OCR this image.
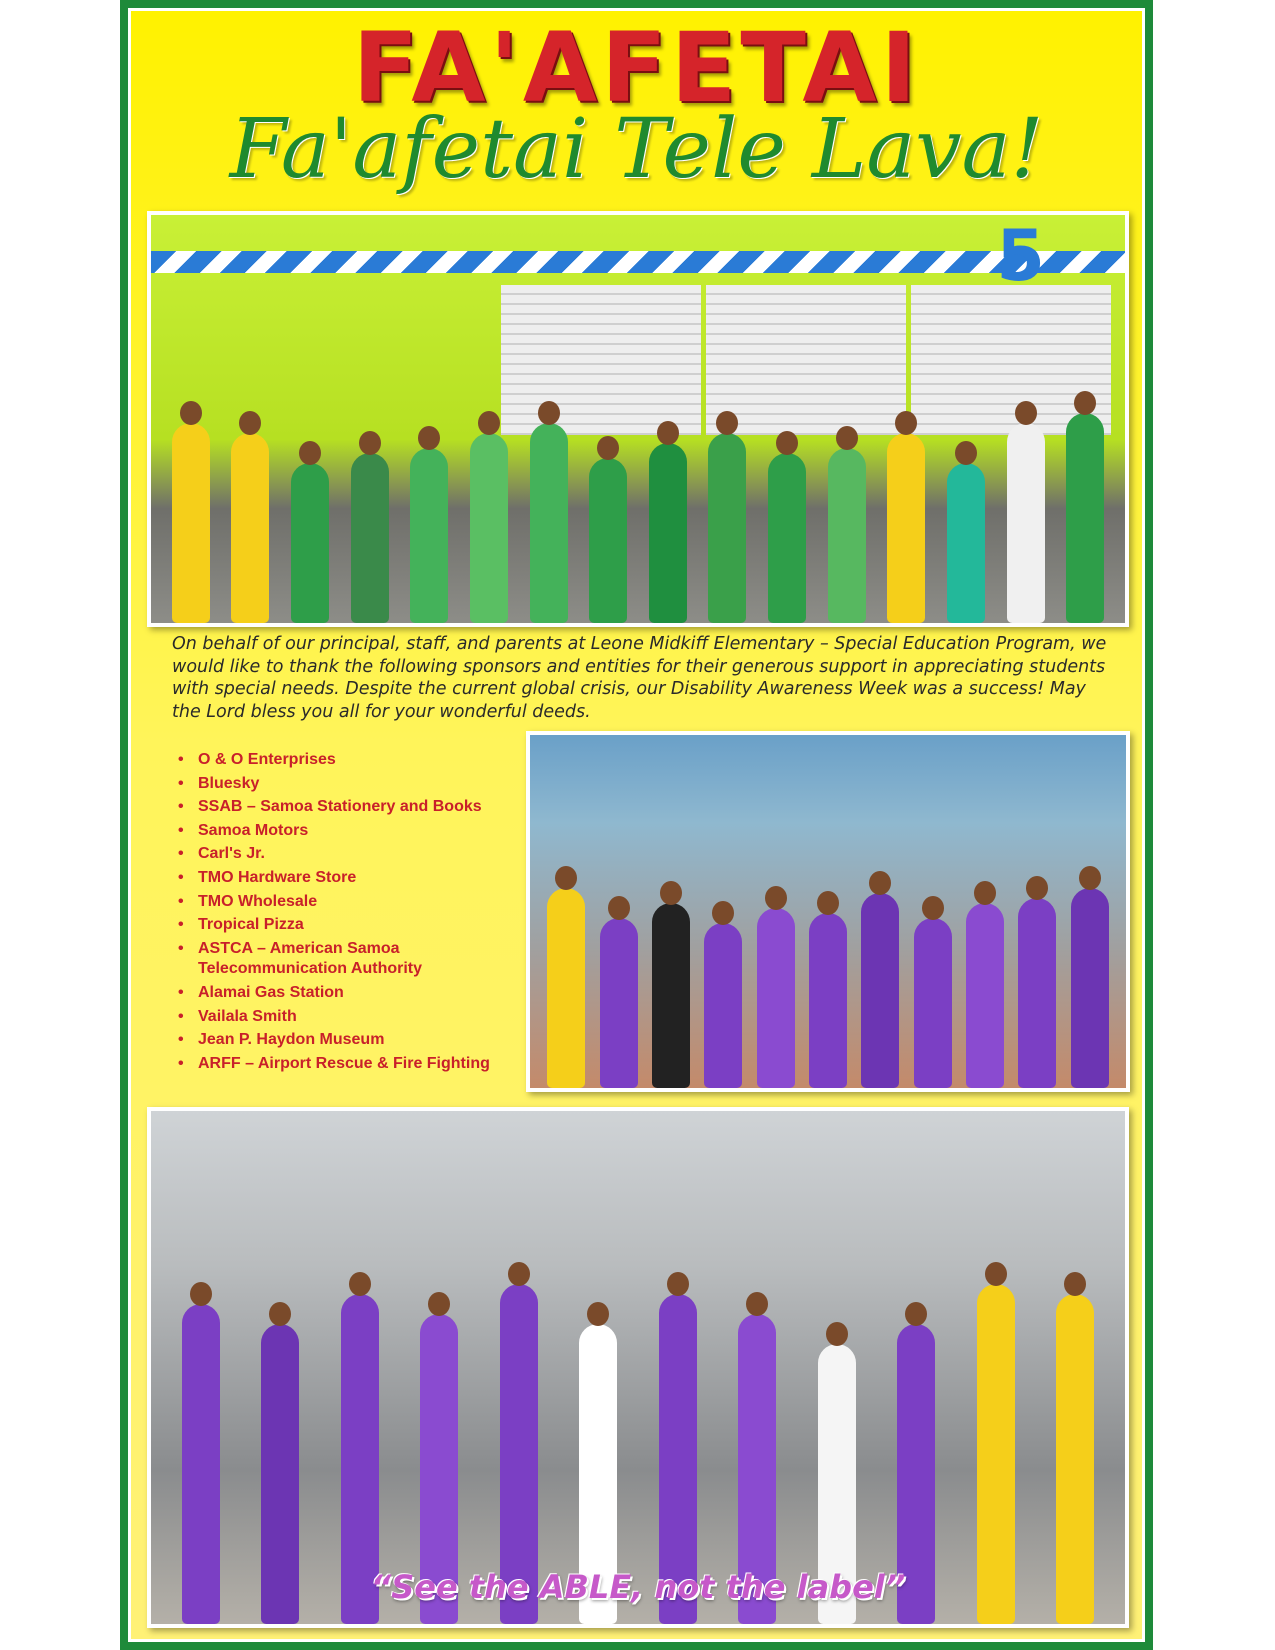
FA'AFETAI
Fa'afetai Tele Lava!
5

On behalf of our principal, staff, and parents at Leone Midkiff Elementary – Special Education Program, we would like to thank the following sponsors and entities for their generous support in appreciating students with special needs. Despite the current global crisis, our Disability Awareness Week was a success! May the Lord bless you all for your wonderful deeds.

• O & O Enterprises
• Bluesky
• SSAB – Samoa Stationery and Books
• Samoa Motors
• Carl's Jr.
• TMO Hardware Store
• TMO Wholesale
• Tropical Pizza
• ASTCA – American Samoa Telecommunication Authority
• Alamai Gas Station
• Vailala Smith
• Jean P. Haydon Museum
• ARFF – Airport Rescue & Fire Fighting
“See the ABLE, not the label”
